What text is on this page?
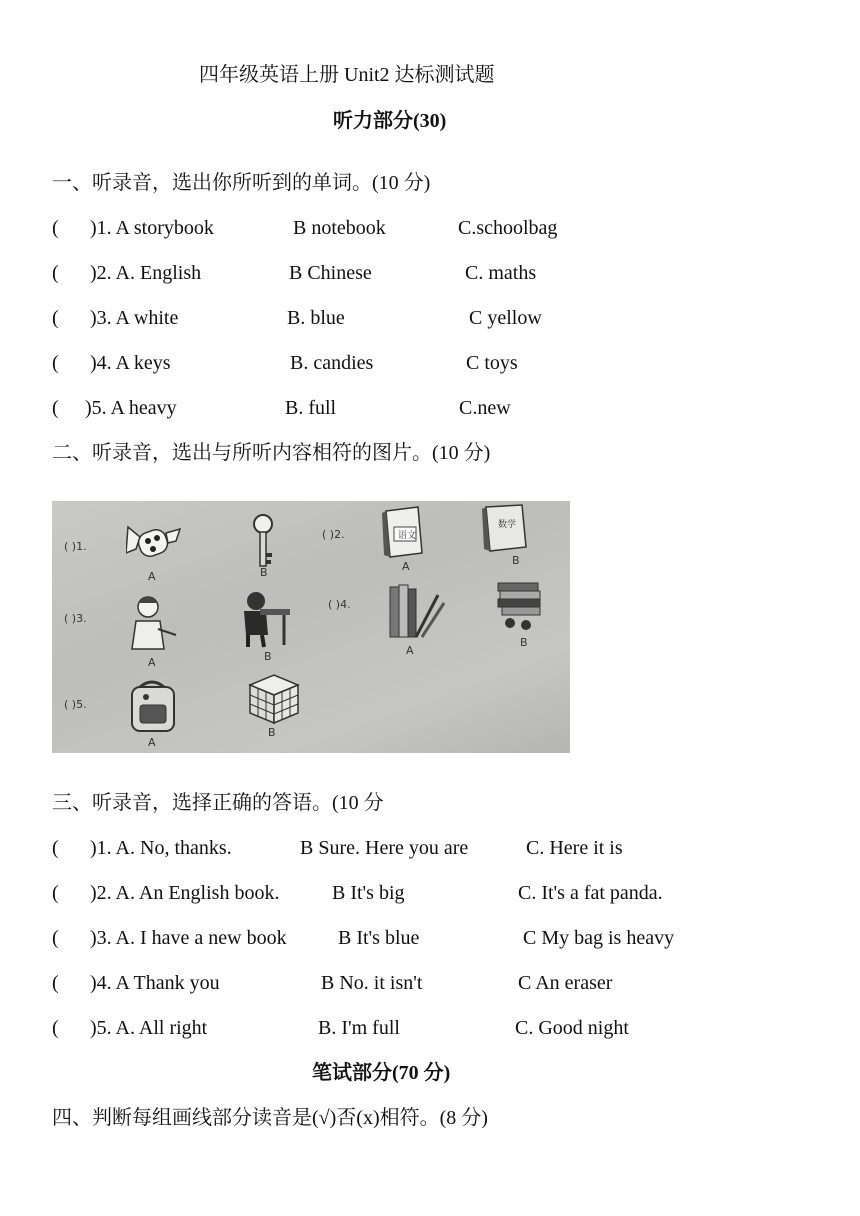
四年级英语上册 Unit2 达标测试题
听力部分(30)
一、听录音，选出你所听到的单词。(10 分)
( )1. A storybook	B notebook	C.schoolbag
( )2. A. English	B Chinese	C. maths
( )3. A white	B. blue	C yellow
( )4. A keys	B. candies	C toys
( )5. A heavy	B. full	C.new
二、听录音，选出与所听内容相符的图片。(10 分)
( )1.
A	B
( )2.	语文
A
数学
B
( )3.
A	B
( )4.
A
B
( )5.
A
B
三、听录音，选择正确的答语。(10 分
( )1. A. No, thanks.	B Sure. Here you are	C. Here it is
( )2. A. An English book.	B It's big	C. It's a fat panda.
( )3. A. I have a new book	B It's blue	C My bag is heavy
( )4. A Thank you	B No. it isn't	C An eraser
( )5. A. All right	B. I'm full	C. Good night
笔试部分(70 分)
四、判断每组画线部分读音是(√)否(x)相符。(8 分)
